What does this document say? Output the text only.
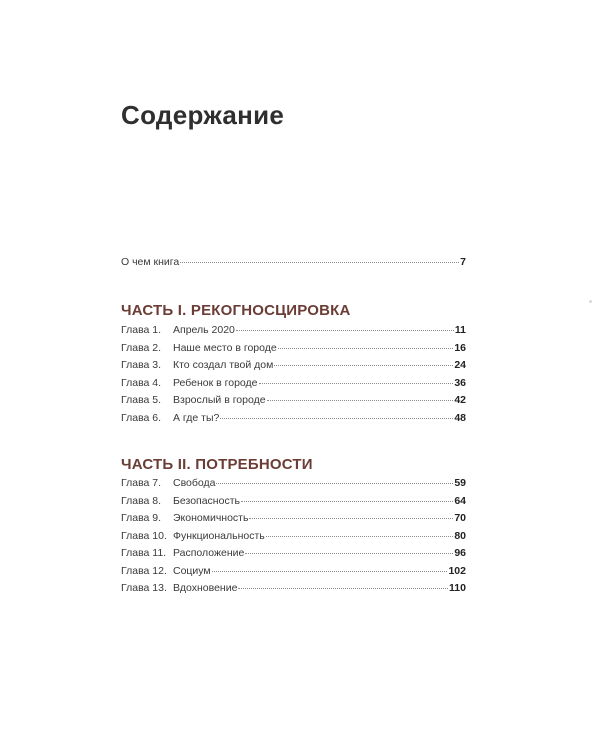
Содержание
О чем книга	7
ЧАСТЬ I. РЕКОГНОСЦИРОВКА
Глава 1.	Апрель 2020	11
Глава 2.	Наше место в городе	16
Глава 3.	Кто создал твой дом	24
Глава 4.	Ребенок в городе	36
Глава 5.	Взрослый в городе	42
Глава 6.	А где ты?	48
ЧАСТЬ II. ПОТРЕБНОСТИ
Глава 7.	Свобода	59
Глава 8.	Безопасность	64
Глава 9.	Экономичность	70
Глава 10. Функциональность	80
Глава 11. Расположение	96
Глава 12. Социум	102
Глава 13. Вдохновение	110
